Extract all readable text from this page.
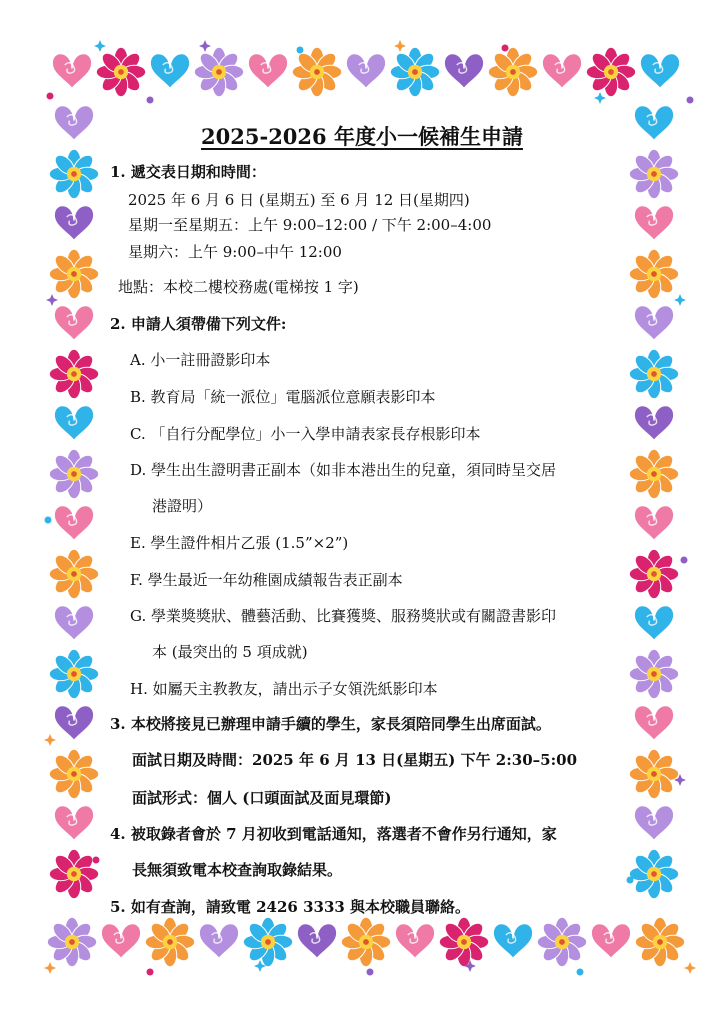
2025-2026 年度小一候補生申請
1. 遞交表日期和時間：
2025 年 6 月 6 日 (星期五) 至 6 月 12 日(星期四)
星期一至星期五：上午 9:00–12:00 / 下午 2:00–4:00
星期六：上午 9:00–中午 12:00
地點：本校二樓校務處(電梯按 1 字)
2. 申請人須帶備下列文件:
A. 小一註冊證影印本
B. 教育局「統一派位」電腦派位意願表影印本
C. 「自行分配學位」小一入學申請表家長存根影印本
D. 學生出生證明書正副本（如非本港出生的兒童，須同時呈交居
港證明）
E. 學生證件相片乙張 (1.5”×2”)
F. 學生最近一年幼稚園成績報告表正副本
G. 學業獎獎狀、體藝活動、比賽獲獎、服務獎狀或有關證書影印
本 (最突出的 5 項成就)
H. 如屬天主教教友，請出示子女領洗紙影印本
3. 本校將接見已辦理申請手續的學生，家長須陪同學生出席面試。
面試日期及時間：2025 年 6 月 13 日(星期五) 下午 2:30–5:00
面試形式：個人 (口頭面試及面見環節)
4. 被取錄者會於 7 月初收到電話通知，落選者不會作另行通知，家
長無須致電本校查詢取錄結果。
5. 如有查詢，請致電 2426 3333 與本校職員聯絡。
